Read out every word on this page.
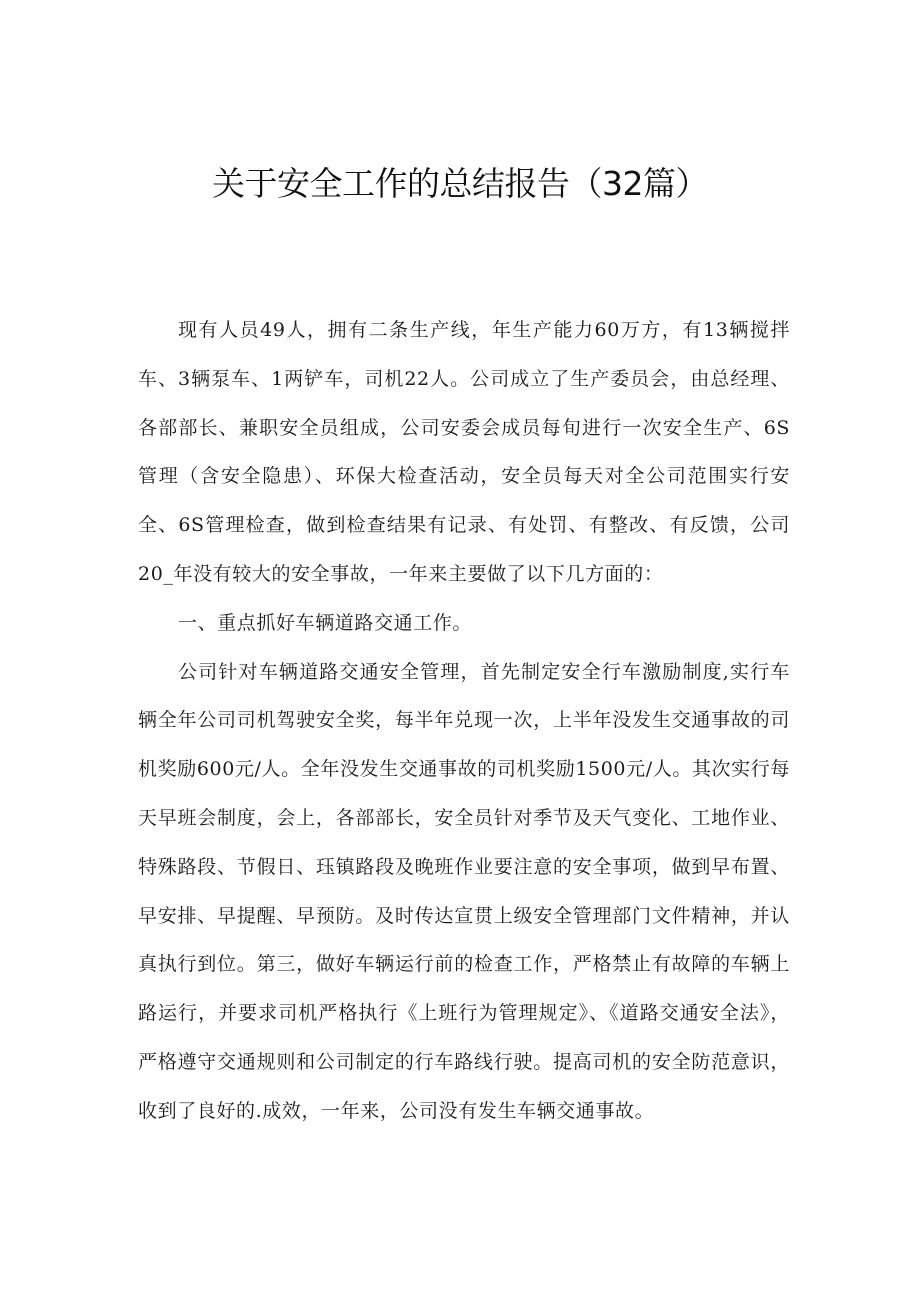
关于安全工作的总结报告（32篇）

现有人员49人，拥有二条生产线，年生产能力60万方，有13辆搅拌车、3辆泵车、1两铲车，司机22人。公司成立了生产委员会，由总经理、各部部长、兼职安全员组成，公司安委会成员每旬进行一次安全生产、6S管理（含安全隐患）、环保大检查活动，安全员每天对全公司范围实行安全、6S管理检查，做到检查结果有记录、有处罚、有整改、有反馈，公司20_年没有较大的安全事故，一年来主要做了以下几方面的：

一、重点抓好车辆道路交通工作。

公司针对车辆道路交通安全管理，首先制定安全行车激励制度,实行车辆全年公司司机驾驶安全奖，每半年兑现一次，上半年没发生交通事故的司机奖励600元/人。全年没发生交通事故的司机奖励1500元/人。其次实行每天早班会制度，会上，各部部长，安全员针对季节及天气变化、工地作业、特殊路段、节假日、珏镇路段及晚班作业要注意的安全事项，做到早布置、早安排、早提醒、早预防。及时传达宣贯上级安全管理部门文件精神，并认真执行到位。第三，做好车辆运行前的检查工作，严格禁止有故障的车辆上路运行，并要求司机严格执行《上班行为管理规定》、《道路交通安全法》，严格遵守交通规则和公司制定的行车路线行驶。提高司机的安全防范意识，收到了良好的.成效，一年来，公司没有发生车辆交通事故。
